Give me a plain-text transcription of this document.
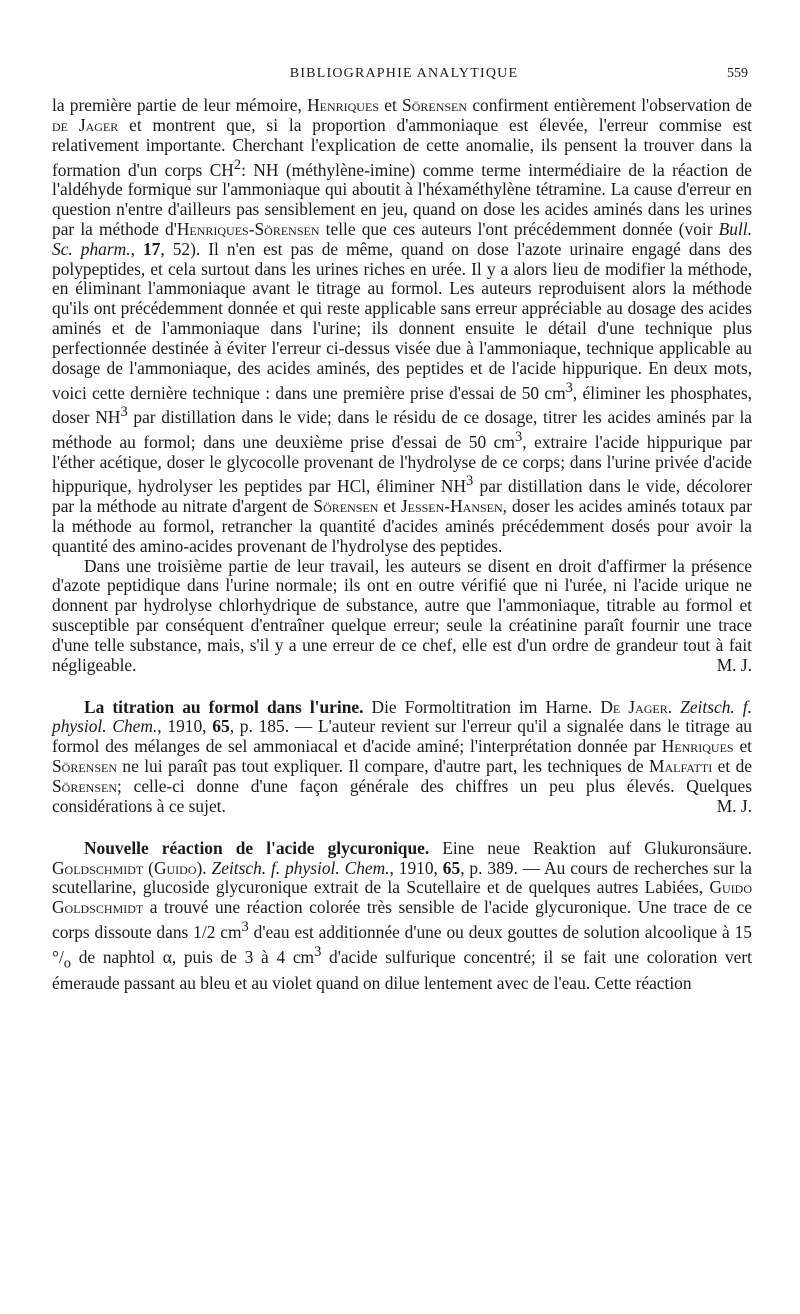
BIBLIOGRAPHIE ANALYTIQUE	559

la première partie de leur mémoire, Henriques et Sörensen confirment entièrement l'observation de de Jager et montrent que, si la proportion d'ammoniaque est élevée, l'erreur commise est relativement importante. Cherchant l'explication de cette anomalie, ils pensent la trouver dans la formation d'un corps $CH^2$: NH (méthylène-imine) comme terme intermédiaire de la réaction de l'aldéhyde formique sur l'ammoniaque qui aboutit à l'héxaméthylène tétramine. La cause d'erreur en question n'entre d'ailleurs pas sensiblement en jeu, quand on dose les acides aminés dans les urines par la méthode d'Henriques-Sörensen telle que ces auteurs l'ont précédemment donnée (voir Bull. Sc. pharm., 17, 52). Il n'en est pas de même, quand on dose l'azote urinaire engagé dans des polypeptides, et cela surtout dans les urines riches en urée. Il y a alors lieu de modifier la méthode, en éliminant l'ammoniaque avant le titrage au formol. Les auteurs reproduisent alors la méthode qu'ils ont précédemment donnée et qui reste applicable sans erreur appréciable au dosage des acides aminés et de l'ammoniaque dans l'urine; ils donnent ensuite le détail d'une technique plus perfectionnée destinée à éviter l'erreur ci-dessus visée due à l'ammoniaque, technique applicable au dosage de l'ammoniaque, des acides aminés, des peptides et de l'acide hippurique. En deux mots, voici cette dernière technique : dans une première prise d'essai de 50 $cm^3$, éliminer les phosphates, doser $NH^3$ par distillation dans le vide; dans le résidu de ce dosage, titrer les acides aminés par la méthode au formol; dans une deuxième prise d'essai de 50 $cm^3$, extraire l'acide hippurique par l'éther acétique, doser le glycocolle provenant de l'hydrolyse de ce corps; dans l'urine privée d'acide hippurique, hydrolyser les peptides par HCl, éliminer $NH^3$ par distillation dans le vide, décolorer par la méthode au nitrate d'argent de Sörensen et Jessen-Hansen, doser les acides aminés totaux par la méthode au formol, retrancher la quantité d'acides aminés précédemment dosés pour avoir la quantité des amino-acides provenant de l'hydrolyse des peptides.

Dans une troisième partie de leur travail, les auteurs se disent en droit d'affirmer la présence d'azote peptidique dans l'urine normale; ils ont en outre vérifié que ni l'urée, ni l'acide urique ne donnent par hydrolyse chlorhydrique de substance, autre que l'ammoniaque, titrable au formol et susceptible par conséquent d'entraîner quelque erreur; seule la créatinine paraît fournir une trace d'une telle substance, mais, s'il y a une erreur de ce chef, elle est d'un ordre de grandeur tout à fait négligeable.	M. J.

La titration au formol dans l'urine. Die Formoltitration im Harne. De Jager. Zeitsch. f. physiol. Chem., 1910, 65, p. 185. — L'auteur revient sur l'erreur qu'il a signalée dans le titrage au formol des mélanges de sel ammoniacal et d'acide aminé; l'interprétation donnée par Henriques et Sörensen ne lui paraît pas tout expliquer. Il compare, d'autre part, les techniques de Malfatti et de Sörensen; celle-ci donne d'une façon générale des chiffres un peu plus élevés. Quelques considérations à ce sujet.	M. J.

Nouvelle réaction de l'acide glycuronique. Eine neue Reaktion auf Glukuronsäure. Goldschmidt (Guido). Zeitsch. f. physiol. Chem., 1910, 65, p. 389. — Au cours de recherches sur la scutellarine, glucoside glycuronique extrait de la Scutellaire et de quelques autres Labiées, Guido Goldschmidt a trouvé une réaction colorée très sensible de l'acide glycuronique. Une trace de ce corps dissoute dans 1/2 $cm^3$ d'eau est additionnée d'une ou deux gouttes de solution alcoolique à 15 $^\circ/_o$ de naphtol α, puis de 3 à 4 $cm^3$ d'acide sulfurique concentré; il se fait une coloration vert émeraude passant au bleu et au violet quand on dilue lentement avec de l'eau. Cette réaction
